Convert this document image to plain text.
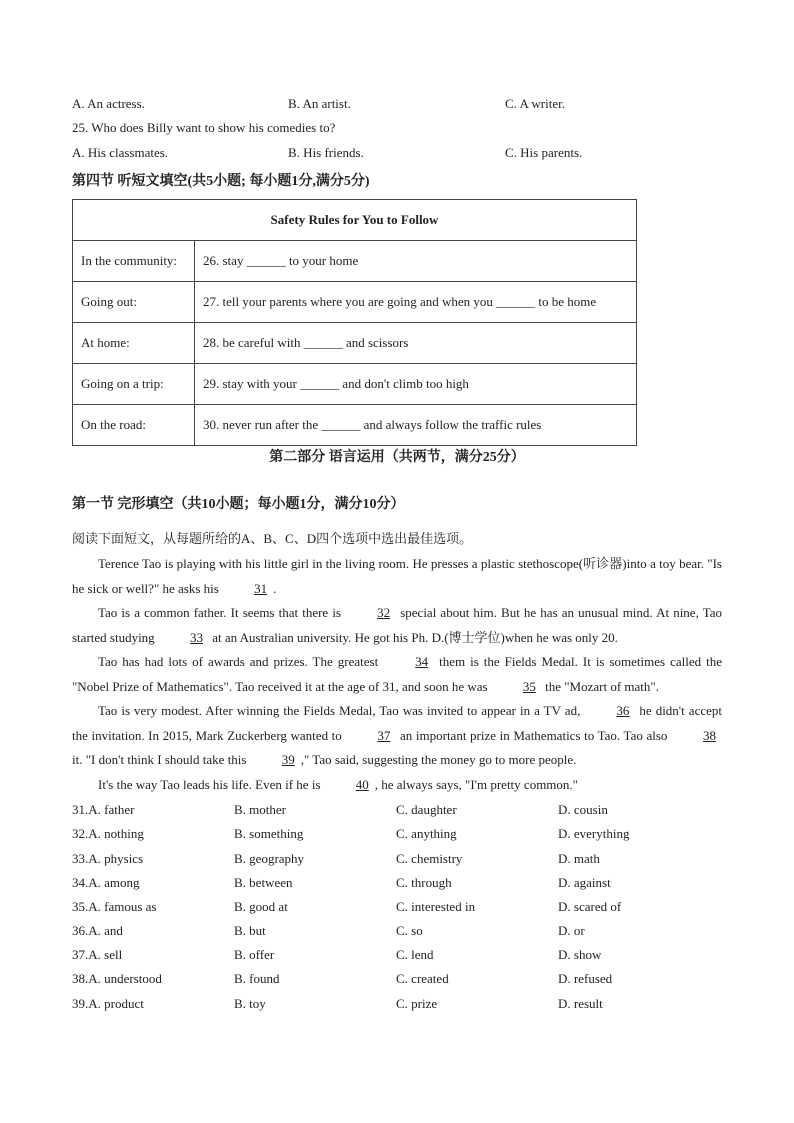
A. An actress.	B. An artist.	C. A writer.
25. Who does Billy want to show his comedies to?
A. His classmates.	B. His friends.	C. His parents.
第四节 听短文填空(共5小题; 每小题1分,满分5分)
Safety Rules for You to Follow	
In the community:	26. stay ______ to your home
Going out:	27. tell your parents where you are going and when you ______ to be home
At home:	28. be careful with ______ and scissors
Going on a trip:	29. stay with your ______ and don't climb too high
On the road:	30. never run after the ______ and always follow the traffic rules
第二部分 语言运用（共两节，满分25分）
第一节 完形填空（共10小题；每小题1分，满分10分）
阅读下面短文，从每题所给的A、B、C、D四个选项中选出最佳选项。
Terence Tao is playing with his little girl in the living room. He presses a plastic stethoscope(听诊器)into a toy bear. "Is he sick or well?" he asks his 31 .
Tao is a common father. It seems that there is 32 special about him. But he has an unusual mind. At nine, Tao started studying 33 at an Australian university. He got his Ph. D.(博士学位)when he was only 20.
Tao has had lots of awards and prizes. The greatest 34 them is the Fields Medal. It is sometimes called the "Nobel Prize of Mathematics". Tao received it at the age of 31, and soon he was 35 the "Mozart of math".
Tao is very modest. After winning the Fields Medal, Tao was invited to appear in a TV ad, 36 he didn't accept the invitation. In 2015, Mark Zuckerberg wanted to 37 an important prize in Mathematics to Tao. Tao also 38 it. "I don't think I should take this 39 ," Tao said, suggesting the money go to more people.
It's the way Tao leads his life. Even if he is 40 , he always says, "I'm pretty common."
31.A. father	B. mother	C. daughter	D. cousin
32.A. nothing	B. something	C. anything	D. everything
33.A. physics	B. geography	C. chemistry	D. math
34.A. among	B. between	C. through	D. against
35.A. famous as	B. good at	C. interested in	D. scared of
36.A. and	B. but	C. so	D. or
37.A. sell	B. offer	C. lend	D. show
38.A. understood	B. found	C. created	D. refused
39.A. product	B. toy	C. prize	D. result
